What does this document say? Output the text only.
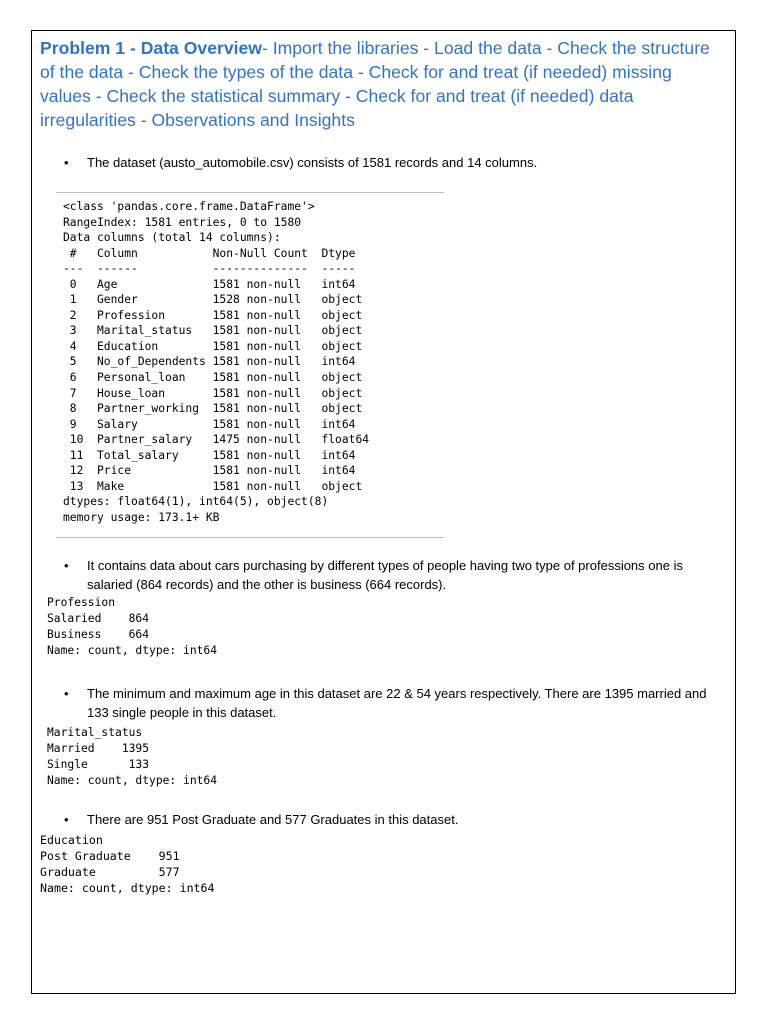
Problem 1 - Data Overview- Import the libraries - Load the data - Check the structure of the data - Check the types of the data - Check for and treat (if needed) missing values - Check the statistical summary - Check for and treat (if needed) data irregularities - Observations and Insights
•	The dataset (austo_automobile.csv) consists of 1581 records and 14 columns.
<class 'pandas.core.frame.DataFrame'>
RangeIndex: 1581 entries, 0 to 1580
Data columns (total 14 columns):
#   Column           Non-Null Count  Dtype
---  ------           --------------  -----
0   Age              1581 non-null   int64
1   Gender           1528 non-null   object
2   Profession       1581 non-null   object
3   Marital_status   1581 non-null   object
4   Education        1581 non-null   object
5   No_of_Dependents 1581 non-null   int64
6   Personal_loan    1581 non-null   object
7   House_loan       1581 non-null   object
8   Partner_working  1581 non-null   object
9   Salary           1581 non-null   int64
10  Partner_salary   1475 non-null   float64
11  Total_salary     1581 non-null   int64
12  Price            1581 non-null   int64
13  Make             1581 non-null   object
dtypes: float64(1), int64(5), object(8)
memory usage: 173.1+ KB
•	It contains data about cars purchasing by different types of people having two type of professions one is salaried (864 records) and the other is business (664 records).
Profession
Salaried    864
Business    664
Name: count, dtype: int64
•	The minimum and maximum age in this dataset are 22 & 54 years respectively. There are 1395 married and 133 single people in this dataset.
Marital_status
Married    1395
Single      133
Name: count, dtype: int64
•	There are 951 Post Graduate and 577 Graduates in this dataset.
Education
Post Graduate    951
Graduate         577
Name: count, dtype: int64
